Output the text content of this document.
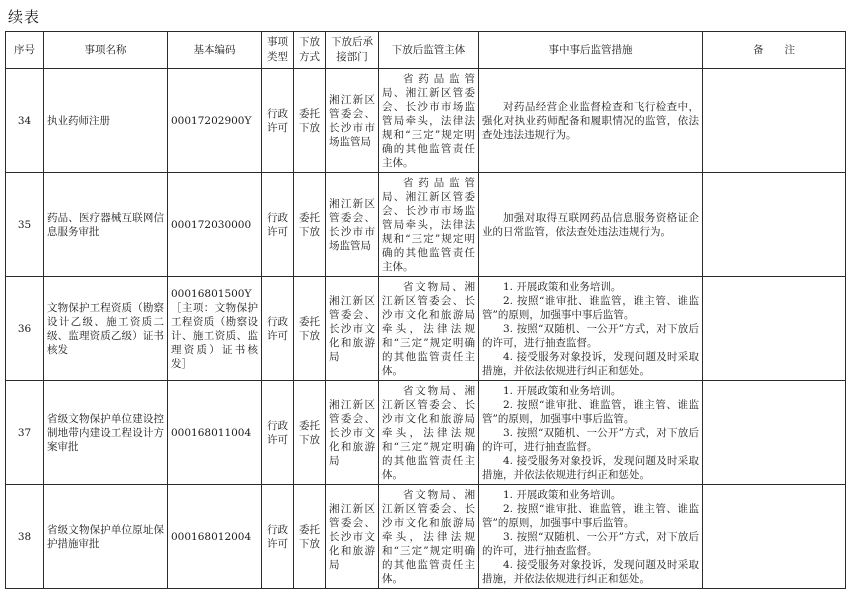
续表
序号	事项名称	基本编码	事项类型	下放方式	下放后承接部门	下放后监管主体	事中事后监管措施	备　　注
34	执业药师注册	00017202900Y	行政许可	委托下放	湘江新区管委会、长沙市市场监管局	省药品监管局、湘江新区管委会、长沙市市场监管局牵头，法律法规和“三定”规定明确的其他监管责任主体。	对药品经营企业监督检查和飞行检查中，强化对执业药师配备和履职情况的监管，依法查处违法违规行为。	

35	药品、医疗器械互联网信息服务审批	000172030000	行政许可	委托下放	湘江新区管委会、长沙市市场监管局	省药品监管局、湘江新区管委会、长沙市市场监管局牵头，法律法规和“三定”规定明确的其他监管责任主体。	加强对取得互联网药品信息服务资格证企业的日常监管，依法查处违法违规行为。	

36	文物保护工程资质（勘察设计乙级、施工资质二级、监理资质乙级）证书核发	00016801500Y［主项：文物保护工程资质（勘察设计、施工资质、监理资质）证书核发］	行政许可	委托下放	湘江新区管委会、长沙市文化和旅游局	省文物局、湘江新区管委会、长沙市文化和旅游局牵头，法律法规和“三定”规定明确的其他监管责任主体。	1. 开展政策和业务培训。
2. 按照“谁审批、谁监管，谁主管、谁监管”的原则，加强事中事后监管。
3. 按照“双随机、一公开”方式，对下放后的许可，进行抽查监督。
4. 接受服务对象投诉，发现问题及时采取措施，并依法依规进行纠正和惩处。	

37	省级文物保护单位建设控制地带内建设工程设计方案审批	000168011004	行政许可	委托下放	湘江新区管委会、长沙市文化和旅游局	省文物局、湘江新区管委会、长沙市文化和旅游局牵头，法律法规和“三定”规定明确的其他监管责任主体。	1. 开展政策和业务培训。
2. 按照“谁审批、谁监管，谁主管、谁监管”的原则，加强事中事后监管。
3. 按照“双随机、一公开”方式，对下放后的许可，进行抽查监督。
4. 接受服务对象投诉，发现问题及时采取措施，并依法依规进行纠正和惩处。	

38	省级文物保护单位原址保护措施审批	000168012004	行政许可	委托下放	湘江新区管委会、长沙市文化和旅游局	省文物局、湘江新区管委会、长沙市文化和旅游局牵头，法律法规和“三定”规定明确的其他监管责任主体。	1. 开展政策和业务培训。
2. 按照“谁审批、谁监管，谁主管、谁监管”的原则，加强事中事后监管。
3. 按照“双随机、一公开”方式，对下放后的许可，进行抽查监督。
4. 接受服务对象投诉，发现问题及时采取措施，并依法依规进行纠正和惩处。	
